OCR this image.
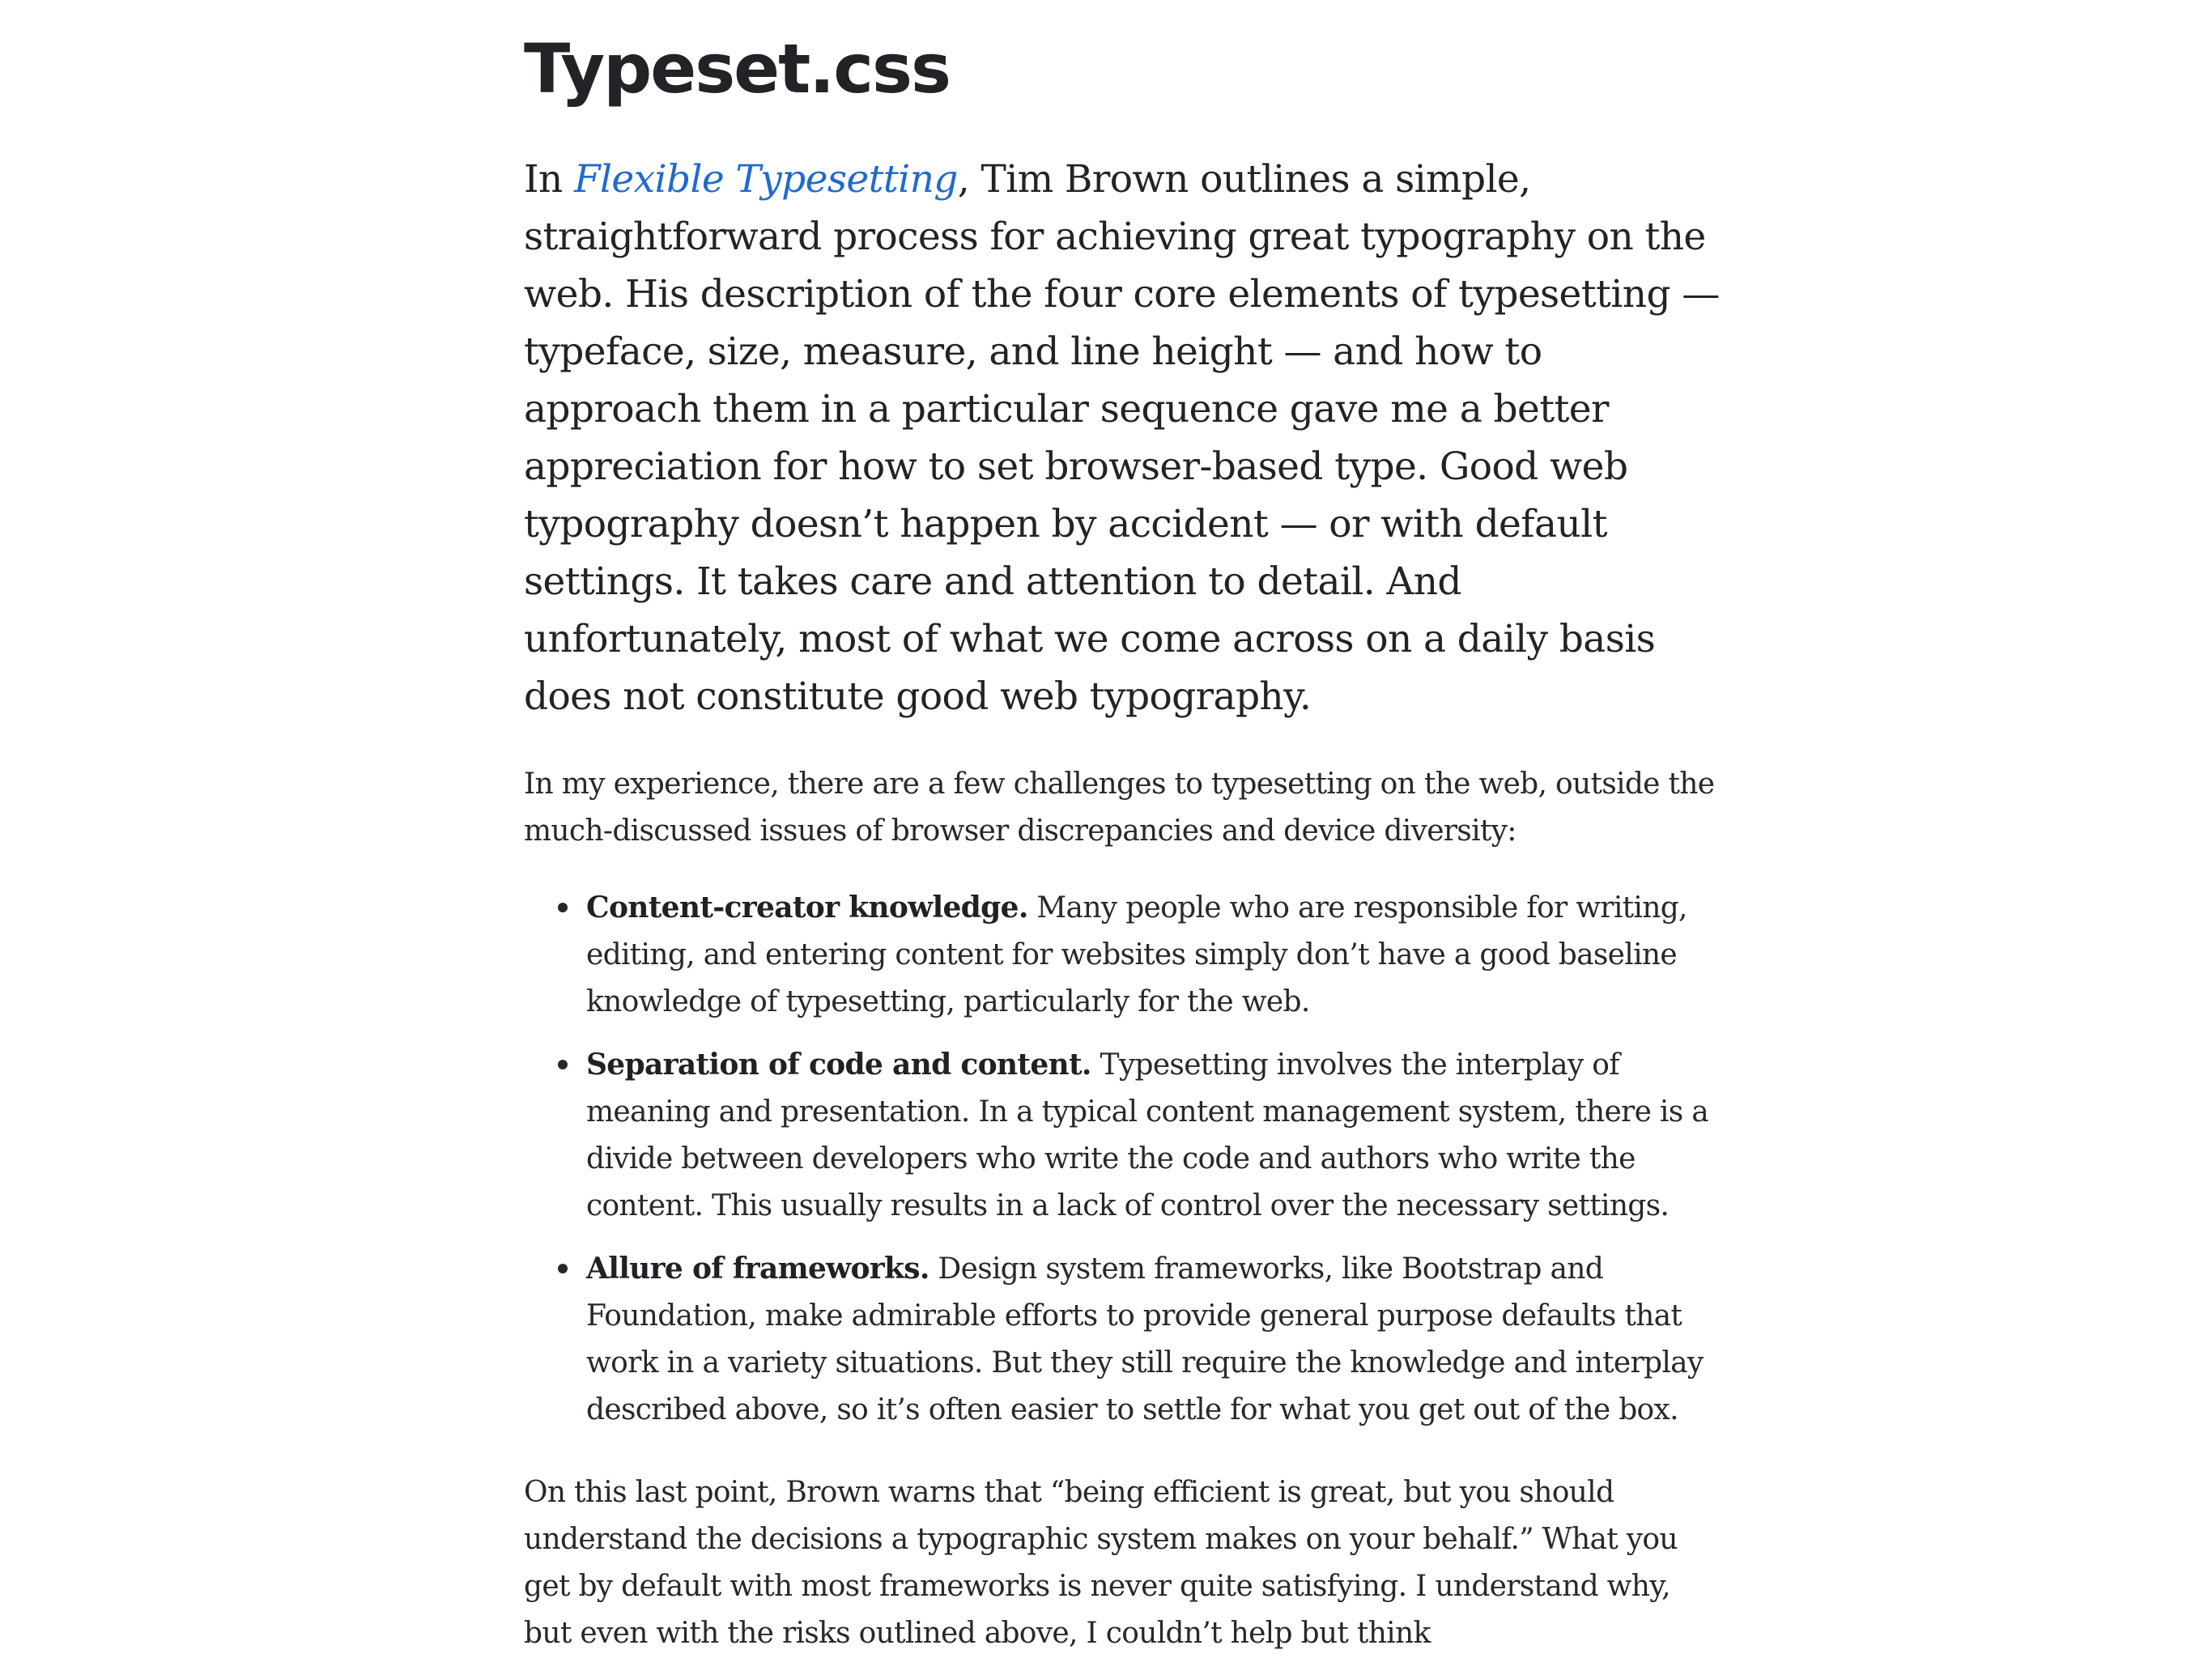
Typeset.css

In Flexible Typesetting, Tim Brown outlines a simple, straightforward process for achieving great typography on the web. His description of the four core elements of typesetting — typeface, size, measure, and line height — and how to approach them in a particular sequence gave me a better appreciation for how to set browser-based type. Good web typography doesn’t happen by accident — or with default settings. It takes care and attention to detail. And unfortunately, most of what we come across on a daily basis does not constitute good web typography.

In my experience, there are a few challenges to typesetting on the web, outside the much-discussed issues of browser discrepancies and device diversity:

Content-creator knowledge. Many people who are responsible for writing, editing, and entering content for websites simply don’t have a good baseline knowledge of typesetting, particularly for the web.
Separation of code and content. Typesetting involves the interplay of meaning and presentation. In a typical content management system, there is a divide between developers who write the code and authors who write the content. This usually results in a lack of control over the necessary settings.
Allure of frameworks. Design system frameworks, like Bootstrap and Foundation, make admirable efforts to provide general purpose defaults that work in a variety situations. But they still require the knowledge and interplay described above, so it’s often easier to settle for what you get out of the box.

On this last point, Brown warns that “being efficient is great, but you should understand the decisions a typographic system makes on your behalf.” What you get by default with most frameworks is never quite satisfying. I understand why, but even with the risks outlined above, I couldn’t help but think
